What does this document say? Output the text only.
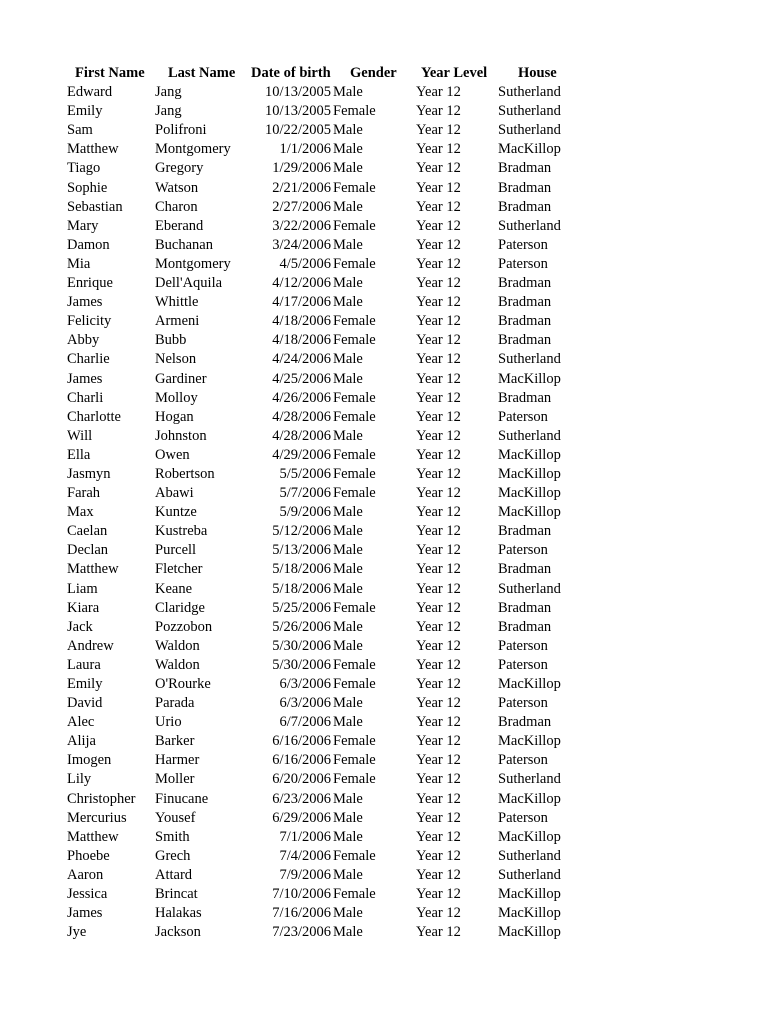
First Name Last Name Date of birth Gender Year Level House
Edward	Jang	10/13/2005 Male	Year 12	Sutherland
Emily	Jang	10/13/2005 Female	Year 12	Sutherland
Sam	Polifroni	10/22/2005 Male	Year 12	Sutherland
Matthew	Montgomery	1/1/2006 Male	Year 12	MacKillop
Tiago	Gregory	1/29/2006 Male	Year 12	Bradman
Sophie	Watson	2/21/2006 Female	Year 12	Bradman
Sebastian Charon	2/27/2006 Male	Year 12	Bradman
Mary	Eberand	3/22/2006 Female	Year 12	Sutherland
Damon	Buchanan	3/24/2006 Male	Year 12	Paterson
Mia	Montgomery	4/5/2006 Female	Year 12	Paterson
Enrique	Dell'Aquila	4/12/2006 Male	Year 12	Bradman
James	Whittle	4/17/2006 Male	Year 12	Bradman
Felicity	Armeni	4/18/2006 Female	Year 12	Bradman
Abby	Bubb	4/18/2006 Female	Year 12	Bradman
Charlie	Nelson	4/24/2006 Male	Year 12	Sutherland
James	Gardiner	4/25/2006 Male	Year 12	MacKillop
Charli	Molloy	4/26/2006 Female	Year 12	Bradman
Charlotte Hogan	4/28/2006 Female	Year 12	Paterson
Will	Johnston	4/28/2006 Male	Year 12	Sutherland
Ella	Owen	4/29/2006 Female	Year 12	MacKillop
Jasmyn	Robertson	5/5/2006 Female	Year 12	MacKillop
Farah	Abawi	5/7/2006 Female	Year 12	MacKillop
Max	Kuntze	5/9/2006 Male	Year 12	MacKillop
Caelan	Kustreba	5/12/2006 Male	Year 12	Bradman
Declan	Purcell	5/13/2006 Male	Year 12	Paterson
Matthew	Fletcher	5/18/2006 Male	Year 12	Bradman
Liam	Keane	5/18/2006 Male	Year 12	Sutherland
Kiara	Claridge	5/25/2006 Female	Year 12	Bradman
Jack	Pozzobon	5/26/2006 Male	Year 12	Bradman
Andrew	Waldon	5/30/2006 Male	Year 12	Paterson
Laura	Waldon	5/30/2006 Female	Year 12	Paterson
Emily	O'Rourke	6/3/2006 Female	Year 12	MacKillop
David	Parada	6/3/2006 Male	Year 12	Paterson
Alec	Urio	6/7/2006 Male	Year 12	Bradman
Alija	Barker	6/16/2006 Female	Year 12	MacKillop
Imogen	Harmer	6/16/2006 Female	Year 12	Paterson
Lily	Moller	6/20/2006 Female	Year 12	Sutherland
Christopher Finucane	6/23/2006 Male	Year 12	MacKillop
Mercurius Yousef	6/29/2006 Male	Year 12	Paterson
Matthew	Smith	7/1/2006 Male	Year 12	MacKillop
Phoebe	Grech	7/4/2006 Female	Year 12	Sutherland
Aaron	Attard	7/9/2006 Male	Year 12	Sutherland
Jessica	Brincat	7/10/2006 Female	Year 12	MacKillop
James	Halakas	7/16/2006 Male	Year 12	MacKillop
Jye	Jackson	7/23/2006 Male	Year 12	MacKillop
